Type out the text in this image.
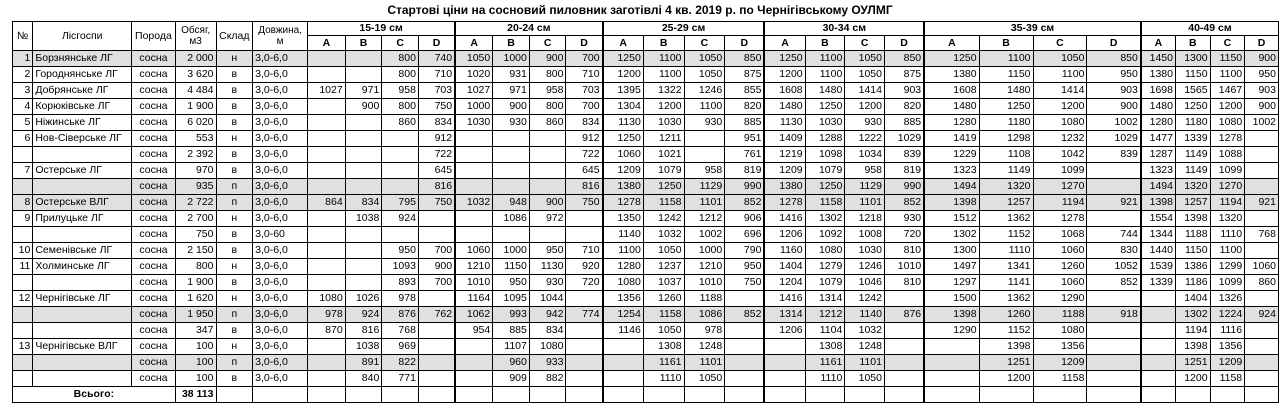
Стартові ціни на сосновий пиловник заготівлі 4 кв. 2019 р. по Чернігівському ОУЛМГ
№	Лісгоспи	Порода	Обсяг, м3	Склад	Довжина, м	15-19 см				20-24 см				25-29 см				30-34 см				35-39 см				40-49 см			
						A	B	C	D	A	B	C	D	A	B	C	D	A	B	C	D	A	B	C	D	A	B	C	D
1	Борзнянське ЛГ	сосна	2 000	н	3,0-6,0			800	740	1050	1000	900	700	1250	1100	1050	850	1250	1100	1050	850	1250	1100	1050	850	1450	1300	1150	900
2	Городнянське ЛГ	сосна	3 620	в	3,0-6,0			800	710	1020	931	800	710	1200	1100	1050	875	1200	1100	1050	875	1380	1150	1100	950	1380	1150	1100	950
3	Добрянське ЛГ	сосна	4 484	в	3,0-6,0	1027	971	958	703	1027	971	958	703	1395	1322	1246	855	1608	1480	1414	903	1608	1480	1414	903	1698	1565	1467	903
4	Корюківське ЛГ	сосна	1 900	в	3,0-6,0		900	800	750	1000	900	800	700	1304	1200	1100	820	1480	1250	1200	820	1480	1250	1200	900	1480	1250	1200	900
5	Ніжинське ЛГ	сосна	6 020	в	3,0-6,0			860	834	1030	930	860	834	1130	1030	930	885	1130	1030	930	885	1280	1180	1080	1002	1280	1180	1080	1002
6	Нов-Сіверське ЛГ	сосна	553	н	3,0-6,0				912				912	1250	1211		951	1409	1288	1222	1029	1419	1298	1232	1029	1477	1339	1278	
		сосна	2 392	в	3,0-6,0				722				722	1060	1021		761	1219	1098	1034	839	1229	1108	1042	839	1287	1149	1088	
7	Остерське ЛГ	сосна	970	в	3,0-6,0				645				645	1209	1079	958	819	1209	1079	958	819	1323	1149	1099		1323	1149	1099	
		сосна	935	п	3,0-6,0				816				816	1380	1250	1129	990	1380	1250	1129	990	1494	1320	1270		1494	1320	1270	
8	Остерське ВЛГ	сосна	2 722	п	3,0-6,0	864	834	795	750	1032	948	900	750	1278	1158	1101	852	1278	1158	1101	852	1398	1257	1194	921	1398	1257	1194	921
9	Прилуцьке ЛГ	сосна	2 700	н	3,0-6,0		1038	924			1086	972		1350	1242	1212	906	1416	1302	1218	930	1512	1362	1278		1554	1398	1320	
		сосна	750	в	3,0-60									1140	1032	1002	696	1206	1092	1008	720	1302	1152	1068	744	1344	1188	1110	768
10	Семенівське ЛГ	сосна	2 150	в	3,0-6,0			950	700	1060	1000	950	710	1100	1050	1000	790	1160	1080	1030	810	1300	1110	1060	830	1440	1150	1100	
11	Холминське ЛГ	сосна	800	н	3,0-6,0			1093	900	1210	1150	1130	920	1280	1237	1210	950	1404	1279	1246	1010	1497	1341	1260	1052	1539	1386	1299	1060
		сосна	1 900	в	3,0-6,0			893	700	1010	950	930	720	1080	1037	1010	750	1204	1079	1046	810	1297	1141	1060	852	1339	1186	1099	860
12	Чернігівське ЛГ	сосна	1 620	н	3,0-6,0	1080	1026	978		1164	1095	1044		1356	1260	1188		1416	1314	1242		1500	1362	1290			1404	1326	
		сосна	1 950	п	3,0-6,0	978	924	876	762	1062	993	942	774	1254	1158	1086	852	1314	1212	1140	876	1398	1260	1188	918		1302	1224	924
		сосна	347	в	3,0-6,0	870	816	768		954	885	834		1146	1050	978		1206	1104	1032		1290	1152	1080			1194	1116	
13	Чернігівське ВЛГ	сосна	100	н	3,0-6,0		1038	969			1107	1080			1308	1248			1308	1248			1398	1356			1398	1356	
		сосна	100	п	3,0-6,0		891	822			960	933			1161	1101			1161	1101			1251	1209			1251	1209	
		сосна	100	в	3,0-6,0		840	771			909	882			1110	1050			1110	1050			1200	1158			1200	1158	
Всього:			38 113																										
